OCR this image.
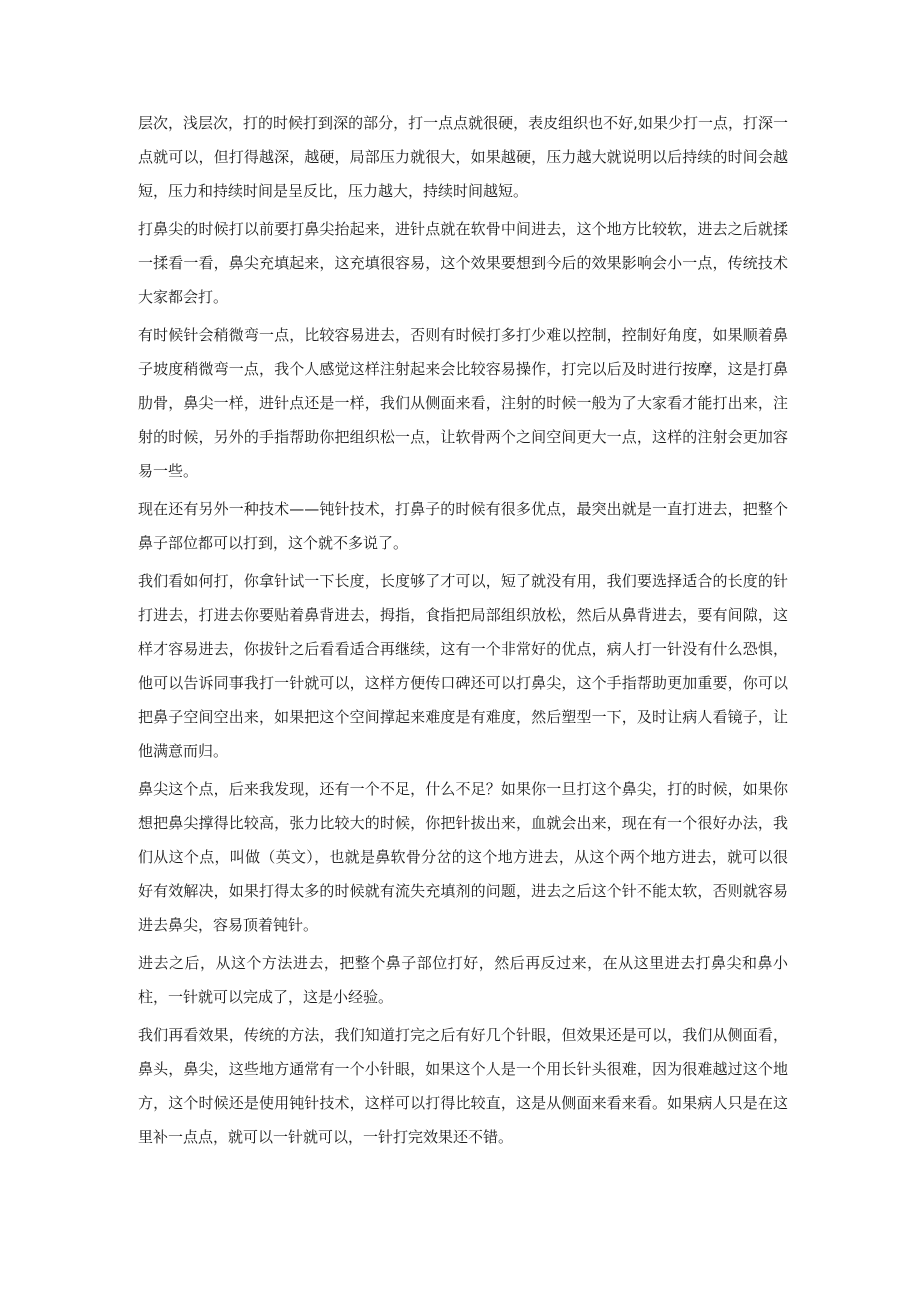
层次，浅层次，打的时候打到深的部分，打一点点就很硬，表皮组织也不好,如果少打一点，打深一点就可以，但打得越深，越硬，局部压力就很大，如果越硬，压力越大就说明以后持续的时间会越短，压力和持续时间是呈反比，压力越大，持续时间越短。

打鼻尖的时候打以前要打鼻尖抬起来，进针点就在软骨中间进去，这个地方比较软，进去之后就揉一揉看一看，鼻尖充填起来，这充填很容易，这个效果要想到今后的效果影响会小一点，传统技术大家都会打。

有时候针会稍微弯一点，比较容易进去，否则有时候打多打少难以控制，控制好角度，如果顺着鼻子坡度稍微弯一点，我个人感觉这样注射起来会比较容易操作，打完以后及时进行按摩，这是打鼻肋骨，鼻尖一样，进针点还是一样，我们从侧面来看，注射的时候一般为了大家看才能打出来，注射的时候，另外的手指帮助你把组织松一点，让软骨两个之间空间更大一点，这样的注射会更加容易一些。

现在还有另外一种技术——钝针技术，打鼻子的时候有很多优点，最突出就是一直打进去，把整个鼻子部位都可以打到，这个就不多说了。

我们看如何打，你拿针试一下长度，长度够了才可以，短了就没有用，我们要选择适合的长度的针打进去，打进去你要贴着鼻背进去，拇指，食指把局部组织放松，然后从鼻背进去，要有间隙，这样才容易进去，你拔针之后看看适合再继续，这有一个非常好的优点，病人打一针没有什么恐惧，他可以告诉同事我打一针就可以，这样方便传口碑还可以打鼻尖，这个手指帮助更加重要，你可以把鼻子空间空出来，如果把这个空间撑起来难度是有难度，然后塑型一下，及时让病人看镜子，让他满意而归。

鼻尖这个点，后来我发现，还有一个不足，什么不足？如果你一旦打这个鼻尖，打的时候，如果你想把鼻尖撑得比较高，张力比较大的时候，你把针拔出来，血就会出来，现在有一个很好办法，我们从这个点，叫做（英文），也就是鼻软骨分岔的这个地方进去，从这个两个地方进去，就可以很好有效解决，如果打得太多的时候就有流失充填剂的问题，进去之后这个针不能太软，否则就容易进去鼻尖，容易顶着钝针。

进去之后，从这个方法进去，把整个鼻子部位打好，然后再反过来，在从这里进去打鼻尖和鼻小柱，一针就可以完成了，这是小经验。

我们再看效果，传统的方法，我们知道打完之后有好几个针眼，但效果还是可以，我们从侧面看，鼻头，鼻尖，这些地方通常有一个小针眼，如果这个人是一个用长针头很难，因为很难越过这个地方，这个时候还是使用钝针技术，这样可以打得比较直，这是从侧面来看来看。如果病人只是在这里补一点点，就可以一针就可以，一针打完效果还不错。
